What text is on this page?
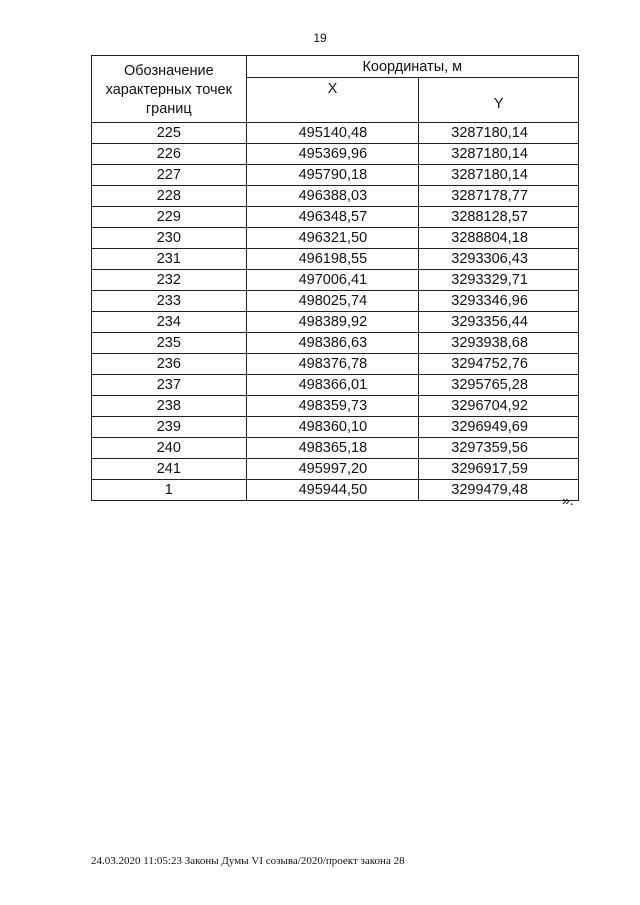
19
Обозначение характерных точек границ	Координаты, м	
	X	Y
225	495140,48	3287180,14
226	495369,96	3287180,14
227	495790,18	3287180,14
228	496388,03	3287178,77
229	496348,57	3288128,57
230	496321,50	3288804,18
231	496198,55	3293306,43
232	497006,41	3293329,71
233	498025,74	3293346,96
234	498389,92	3293356,44
235	498386,63	3293938,68
236	498376,78	3294752,76
237	498366,01	3295765,28
238	498359,73	3296704,92
239	498360,10	3296949,69
240	498365,18	3297359,56
241	495997,20	3296917,59
1	495944,50	3299479,48
».
24.03.2020 11:05:23 Законы Думы VI созыва/2020/проект закона 28
